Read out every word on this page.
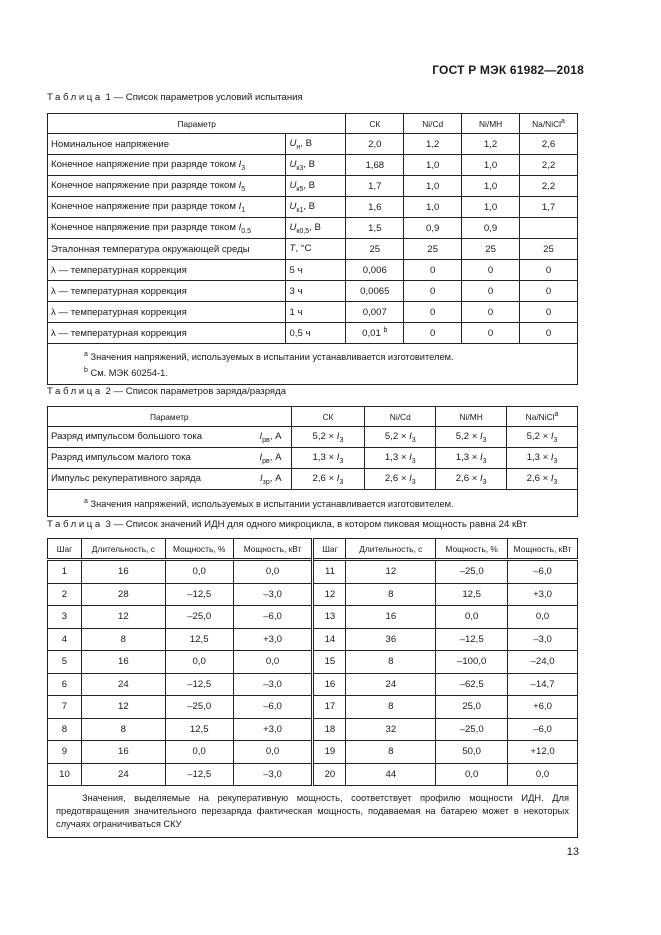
ГОСТ Р МЭК 61982—2018
Таблица 1 — Список параметров условий испытания
Параметр		СК	Ni/Cd	Ni/MH	Na/NiCl$^a$
Номинальное напряжение	$U_н$, В	2,0	1,2	1,2	2,6
Конечное напряжение при разряде током $I_3$	$U_{к3}$, В	1,68	1,0	1,0	2,2
Конечное напряжение при разряде током $I_5$	$U_{к5}$, В	1,7	1,0	1,0	2,2
Конечное напряжение при разряде током $I_1$	$U_{к1}$, В	1,6	1,0	1,0	1,7
Конечное напряжение при разряде током $I_{0,5}$	$U_{к0,5}$, В	1,5	0,9	0,9	
Эталонная температура окружающей среды	T, °С	25	25	25	25
λ — температурная коррекция	5 ч	0,006	0	0	0
λ — температурная коррекция	3 ч	0,0065	0	0	0
λ — температурная коррекция	1 ч	0,007	0	0	0
λ — температурная коррекция	0,5 ч	0,01 $^b$	0	0	0

$^a$ Значения напряжений, используемых в испытании устанавливается изготовителем.
$^b$ См. МЭК 60254-1.					
Таблица 2 — Список параметров заряда/разряда
Параметр	СК	Ni/Cd	Ni/MH	Na/NiCl$^a$
Разряд импульсом большого тока $I_{рв}$, А	$5,2 \times I_3$	$5,2 \times I_3$	$5,2 \times I_3$	$5,2 \times I_3$
Разряд импульсом малого тока $I_{рв}$, А	$1,3 \times I_3$	$1,3 \times I_3$	$1,3 \times I_3$	$1,3 \times I_3$
Импульс рекуперативного заряда $I_{зр}$, А	$2,6 \times I_3$	$2,6 \times I_3$	$2,6 \times I_3$	$2,6 \times I_3$
$^a$ Значения напряжений, используемых в испытании устанавливается изготовителем.				
Таблица 3 — Список значений ИДН для одного микроцикла, в котором пиковая мощность равна 24 кВт
Шаг	Длительность, с	Мощность, %	Мощность, кВт	Шаг	Длительность, с	Мощность, %	Мощность, кВт
1	16	0,0	0,0	11	12	–25,0	–6,0
2	28	–12,5	–3,0	12	8	12,5	+3,0
3	12	–25,0	–6,0	13	16	0,0	0,0
4	8	12,5	+3,0	14	36	–12,5	–3,0
5	16	0,0	0,0	15	8	–100,0	–24,0
6	24	–12,5	–3,0	16	24	–62,5	–14,7
7	12	–25,0	–6,0	17	8	25,0	+6,0
8	8	12,5	+3,0	18	32	–25,0	–6,0
9	16	0,0	0,0	19	8	50,0	+12,0
10	24	–12,5	–3,0	20	44	0,0	0,0
Значения, выделяемые на рекуперативную мощность, соответствует профилю мощности ИДН. Для предотвращения значительного перезаряда фактическая мощность, подаваемая на батарею может в некоторых случаях ограничиваться СКУ							
13
